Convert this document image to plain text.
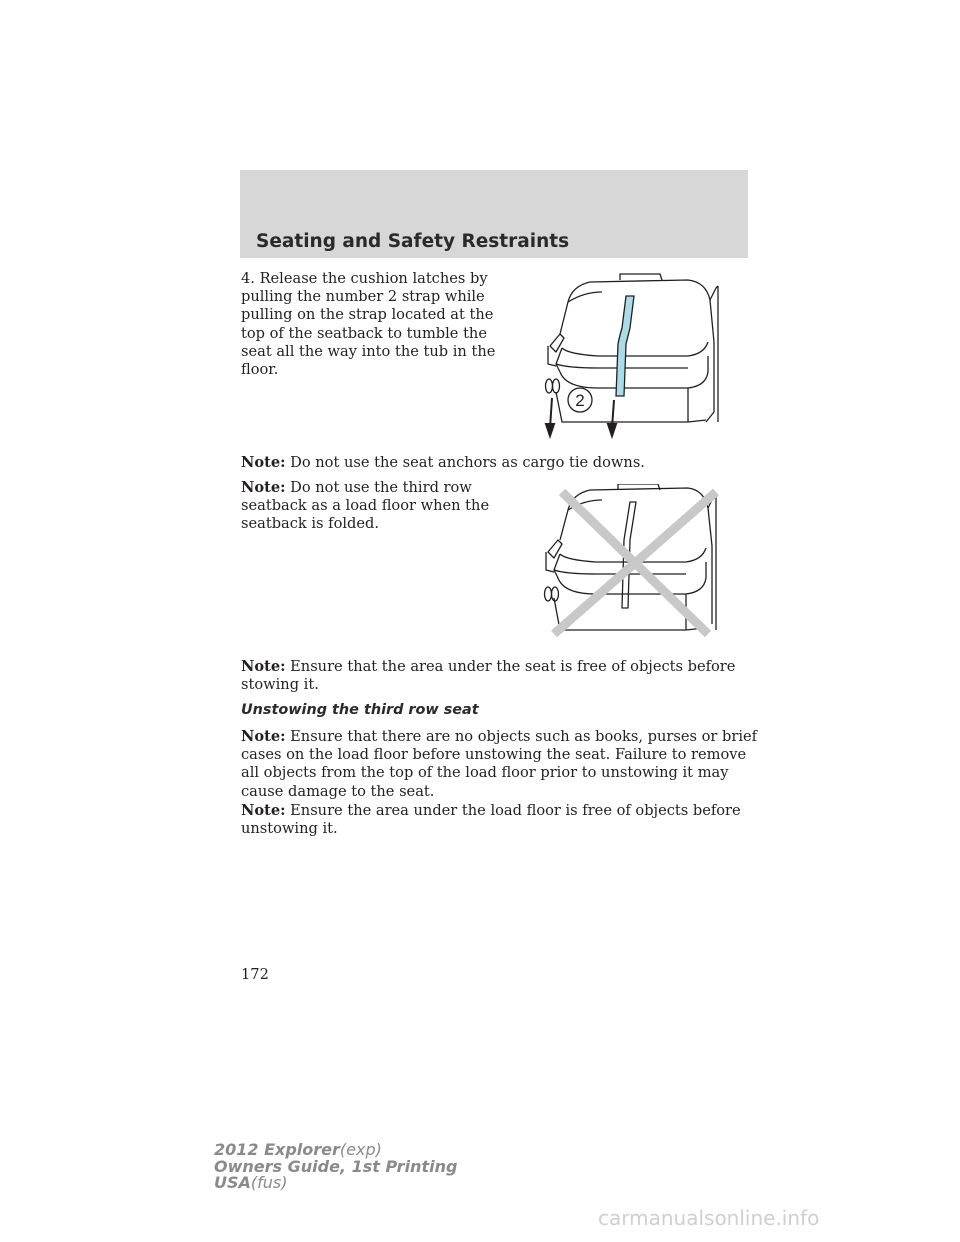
Seating and Safety Restraints

4. Release the cushion latches by pulling the number 2 strap while pulling on the strap located at the top of the seatback to tumble the seat all the way into the tub in the floor.

2

Note: Do not use the seat anchors as cargo tie downs.

Note: Do not use the third row seatback as a load floor when the seatback is folded.

Note: Ensure that the area under the seat is free of objects before stowing it.

Unstowing the third row seat

Note: Ensure that there are no objects such as books, purses or brief cases on the load floor before unstowing the seat. Failure to remove all objects from the top of the load floor prior to unstowing it may cause damage to the seat.

Note: Ensure the area under the load floor is free of objects before unstowing it.

172

2012 Explorer(exp)
Owners Guide, 1st Printing
USA(fus)
carmanualsonline.info
